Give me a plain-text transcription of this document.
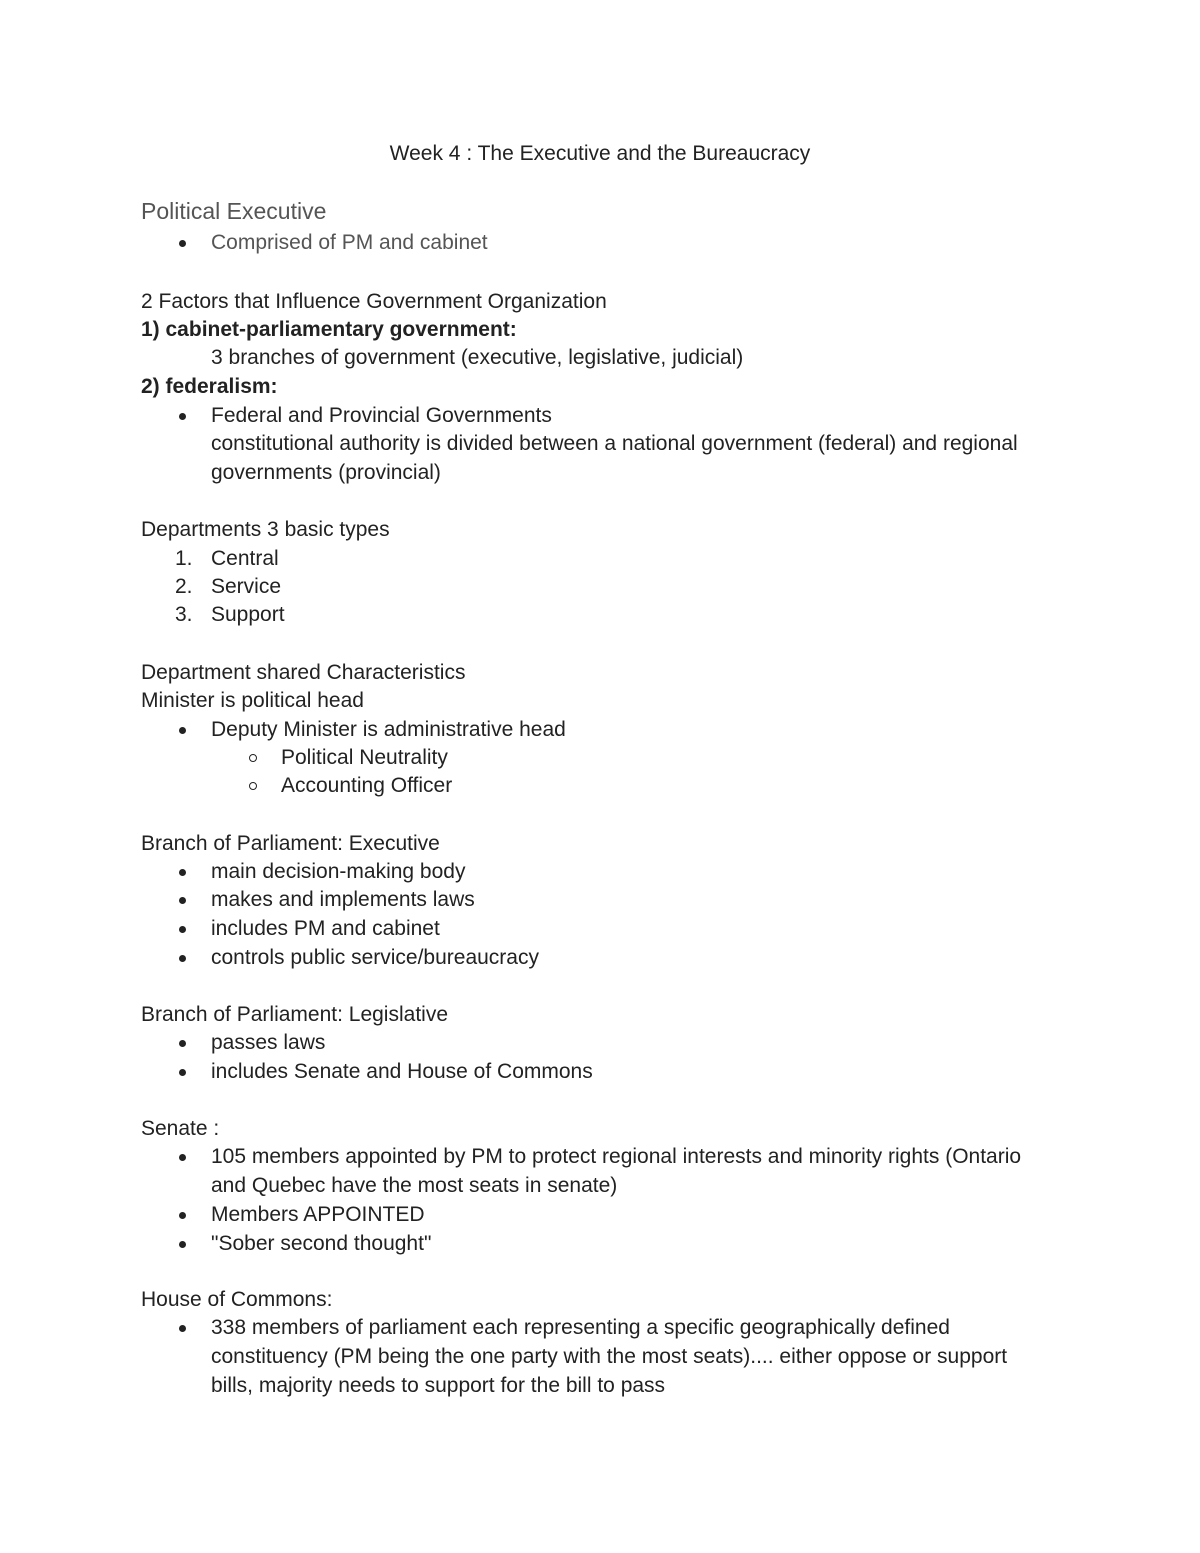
Week 4 : The Executive and the Bureaucracy
Political Executive
Comprised of PM and cabinet
2 Factors that Influence Government Organization
1) cabinet-parliamentary government:
3 branches of government (executive, legislative, judicial)
2) federalism:
Federal and Provincial Governments
constitutional authority is divided between a national government (federal) and regional
governments (provincial)
Departments 3 basic types
1. Central
2. Service
3. Support
Department shared Characteristics
Minister is political head
Deputy Minister is administrative head
Political Neutrality
Accounting Officer
Branch of Parliament: Executive
main decision-making body
makes and implements laws
includes PM and cabinet
controls public service/bureaucracy
Branch of Parliament: Legislative
passes laws
includes Senate and House of Commons
Senate :
105 members appointed by PM to protect regional interests and minority rights (Ontario
and Quebec have the most seats in senate)
Members APPOINTED
"Sober second thought"
House of Commons:
338 members of parliament each representing a specific geographically defined
constituency (PM being the one party with the most seats).... either oppose or support
bills, majority needs to support for the bill to pass
